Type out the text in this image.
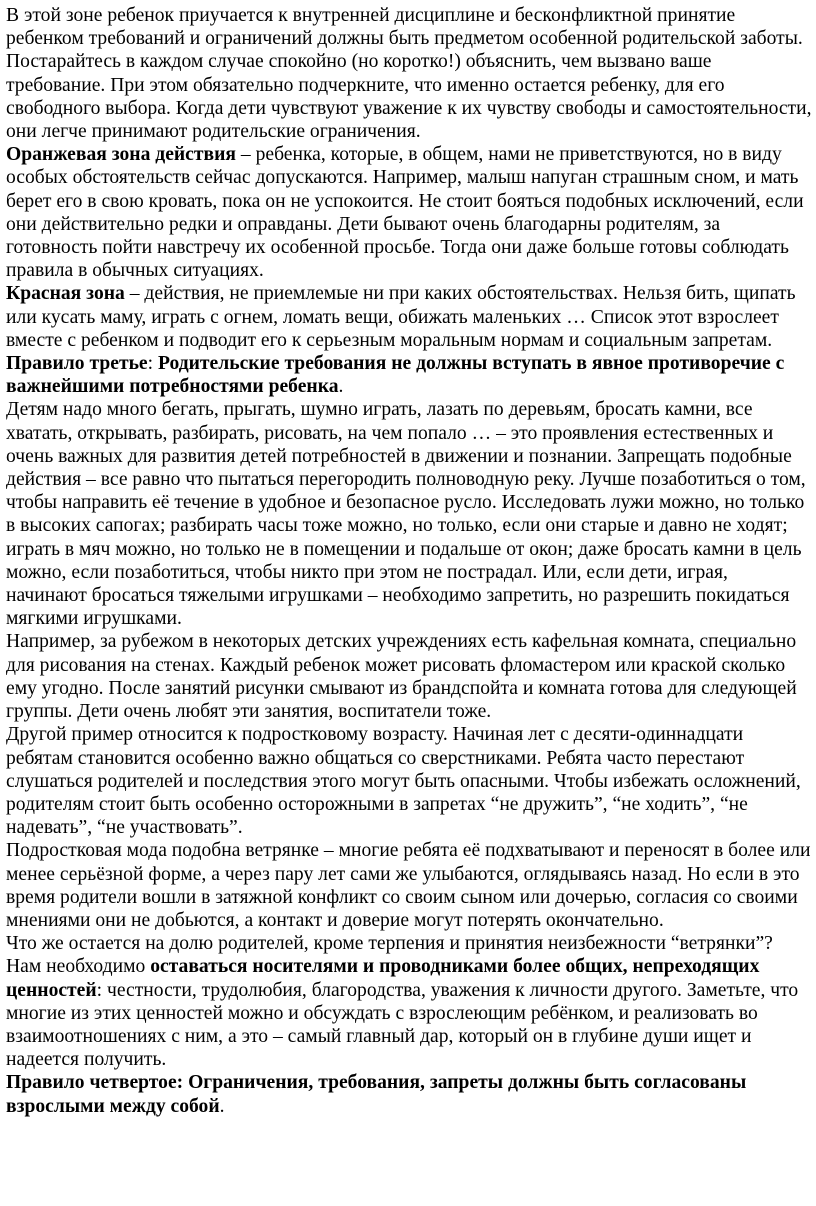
В этой зоне ребенок приучается к внутренней дисциплине и бесконфликтной принятие ребенком требований и ограничений должны быть предметом особенной родительской заботы. Постарайтесь в каждом случае спокойно (но коротко!) объяснить, чем вызвано ваше требование. При этом обязательно подчеркните, что именно остается ребенку, для его свободного выбора. Когда дети чувствуют уважение к их чувству свободы и самостоятельности, они легче принимают родительские ограничения.

Оранжевая зона действия – ребенка, которые, в общем, нами не приветствуются, но в виду особых обстоятельств сейчас допускаются. Например, малыш напуган страшным сном, и мать берет его в свою кровать, пока он не успокоится. Не стоит бояться подобных исключений, если они действительно редки и оправданы. Дети бывают очень благодарны родителям, за готовность пойти навстречу их особенной просьбе. Тогда они даже больше готовы соблюдать правила в обычных ситуациях.

Красная зона – действия, не приемлемые ни при каких обстоятельствах. Нельзя бить, щипать или кусать маму, играть с огнем, ломать вещи, обижать маленьких … Список этот взрослеет вместе с ребенком и подводит его к серьезным моральным нормам и социальным запретам.

Правило третье: Родительские требования не должны вступать в явное противоречие с важнейшими потребностями ребенка.

Детям надо много бегать, прыгать, шумно играть, лазать по деревьям, бросать камни, все хватать, открывать, разбирать, рисовать, на чем попало … – это проявления естественных и очень важных для развития детей потребностей в движении и познании. Запрещать подобные действия – все равно что пытаться перегородить полноводную реку. Лучше позаботиться о том, чтобы направить её течение в удобное и безопасное русло. Исследовать лужи можно, но только в высоких сапогах; разбирать часы тоже можно, но только, если они старые и давно не ходят; играть в мяч можно, но только не в помещении и подальше от окон; даже бросать камни в цель можно, если позаботиться, чтобы никто при этом не пострадал. Или, если дети, играя, начинают бросаться тяжелыми игрушками – необходимо запретить, но разрешить покидаться мягкими игрушками.

Например, за рубежом в некоторых детских учреждениях есть кафельная комната, специально для рисования на стенах. Каждый ребенок может рисовать фломастером или краской сколько ему угодно. После занятий рисунки смывают из брандспойта и комната готова для следующей группы. Дети очень любят эти занятия, воспитатели тоже.

Другой пример относится к подростковому возрасту. Начиная лет с десяти-одиннадцати ребятам становится особенно важно общаться со сверстниками. Ребята часто перестают слушаться родителей и последствия этого могут быть опасными. Чтобы избежать осложнений, родителям стоит быть особенно осторожными в запретах “не дружить”, “не ходить”, “не надевать”, “не участвовать”.

Подростковая мода подобна ветрянке – многие ребята её подхватывают и переносят в более или менее серьёзной форме, а через пару лет сами же улыбаются, оглядываясь назад. Но если в это время родители вошли в затяжной конфликт со своим сыном или дочерью, согласия со своими мнениями они не добьются, а контакт и доверие могут потерять окончательно.

Что же остается на долю родителей, кроме терпения и принятия неизбежности “ветрянки”? Нам необходимо оставаться носителями и проводниками более общих, непреходящих ценностей: честности, трудолюбия, благородства, уважения к личности другого. Заметьте, что многие из этих ценностей можно и обсуждать с взрослеющим ребёнком, и реализовать во взаимоотношениях с ним, а это – самый главный дар, который он в глубине души ищет и надеется получить.

Правило четвертое: Ограничения, требования, запреты должны быть согласованы взрослыми между собой.
